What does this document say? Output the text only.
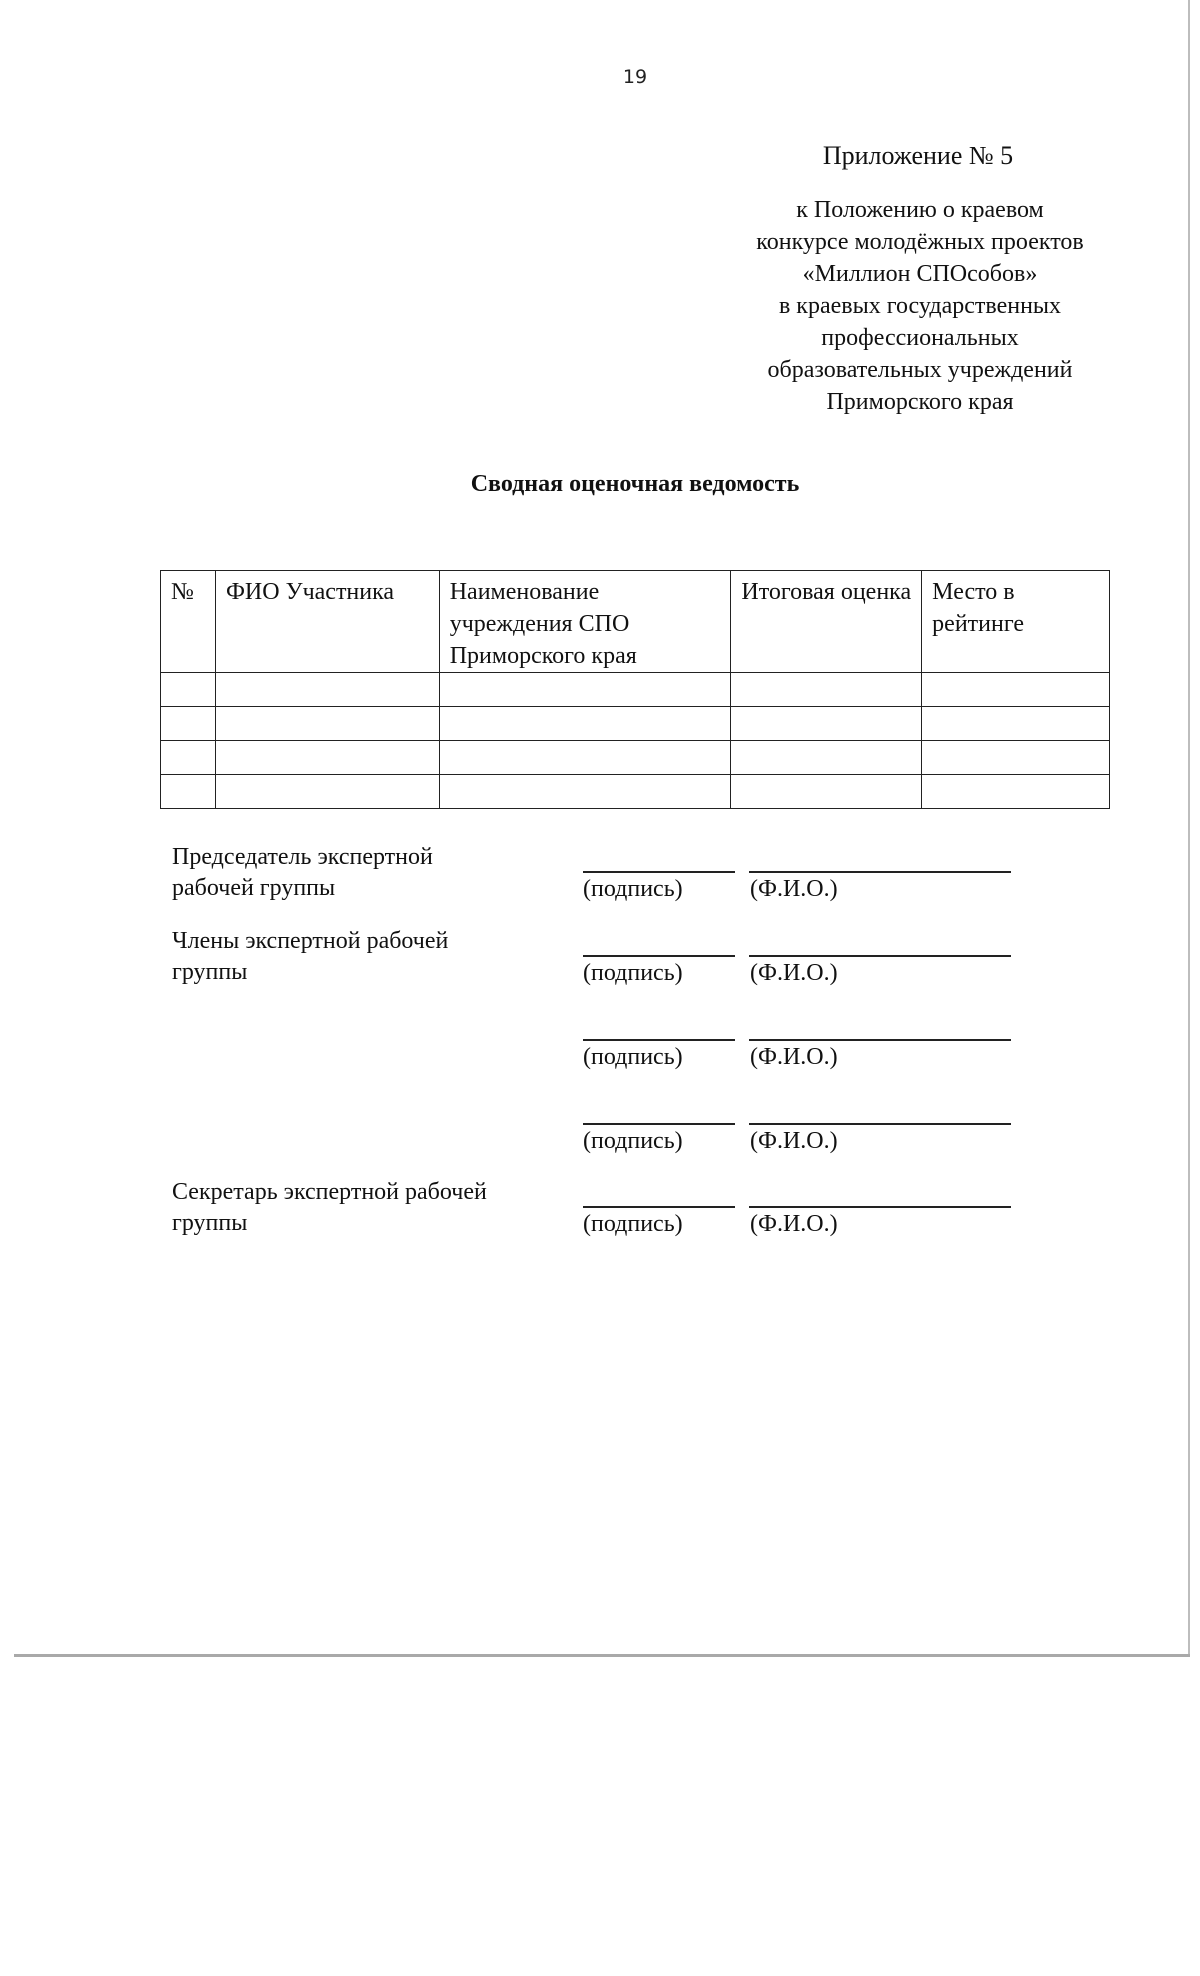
19
Приложение № 5
к Положению о краевом
конкурсе молодёжных проектов
«Миллион СПОсобов»
в краевых государственных
профессиональных
образовательных учреждений
Приморского края
Сводная оценочная ведомость
№	ФИО Участника	Наименование учреждения СПО Приморского края	Итоговая оценка	Место в рейтинге

Председатель экспертной
рабочей группы	(подпись)	(Ф.И.О.)
Члены экспертной рабочей
группы	(подпись)	(Ф.И.О.)
(подпись)	(Ф.И.О.)
(подпись)	(Ф.И.О.)
Секретарь экспертной рабочей
группы	(подпись)	(Ф.И.О.)
